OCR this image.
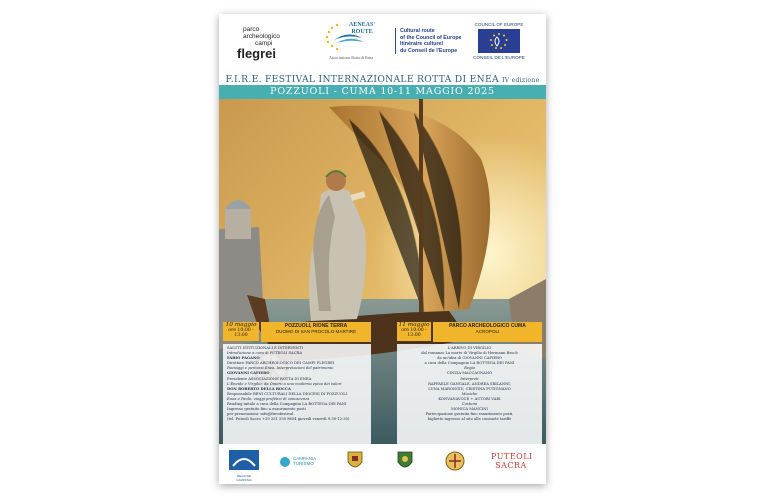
parco
archeologico
campi
flegrei
AENEAS' ROUTE
Associazione Rotta di Enea
Cultural route
of the Council of Europe
Itinéraire culturel
du Conseil de l'Europe
COUNCIL OF EUROPE
CONSEIL DE L'EUROPE
F.I.R.E. FESTIVAL INTERNAZIONALE ROTTA DI ENEA IV edizione
POZZUOLI - CUMA 10-11 MAGGIO 2025
10 maggio
ore 10:00 - 13:00
POZZUOLI, RIONE TERRA
DUOMO DI SAN PROCOLO MARTIRE
11 maggio
ore 10:00 - 13:00
PARCO ARCHEOLOGICO CUMA
ACROPOLI
SALUTI ISTITUZIONALI E INTERVENTI
Introduzione a cura di PUTEOLI SACRA
FABIO PAGANO
Direttore PARCO ARCHEOLOGICO DEI CAMPI FLEGREI
Paesaggi e percorsi Enea. Interpretazioni del patrimonio
GIOVANNI CAFIERO
Presidente ASSOCIAZIONE ROTTA DI ENEA
L'Eneide e Virgilio: da Omero a una moderna epica dei valori
DON ROBERTO DELLA ROCCA
Responsabile BENI CULTURALI DELLA DIOCESI DI POZZUOLI
Enea e Paolo: viaggi profetici di conoscenza
Reading mitale a cura della Compagnia LA BOTTEGA DEI PANI
Ingresso gratuito fino a esaurimento posti
per prenotazioni: info@fireofestival
(tel. Puteoli Sacra +39 351 550 8654 giovedì venerdì 9:30-12:30)
L'ARRIVO DI VIRGILIO
dal romanzo La morte di Virgilio di Hermann Broch
da un'idea di GIOVANNI CAFIERO
a cura della Compagnia LA BOTTEGA DEI PANI
Regia
CINZIA MACCAGNANO
Interpreti
RAFFAELE GANGALE, ANDREA SBILANNI,
LUNA MARONGIU, CRISTINA PUTIGNANO
Musiche
KONVANAVOCE + AUTORI VARI
Costumi
MONICA MANCINI
Partecipazione gratuita fino esaurimento posti,
biglietto ingresso al sito alle consuete tariffe
REGIONE CAMPANIA
CAMPANIA TURISMO
PUTEOLI SACRA
